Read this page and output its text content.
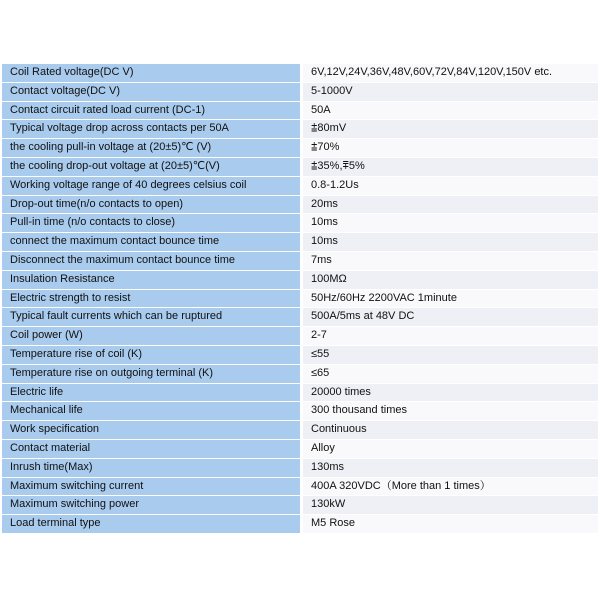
Coil Rated voltage(DC V)	6V,12V,24V,36V,48V,60V,72V,84V,120V,150V etc.
Contact voltage(DC V)	5-1000V
Contact circuit rated load current (DC-1)	50A
Typical voltage drop across contacts per 50A	⩲80mV
the cooling pull-in voltage at (20±5)℃ (V)	⩲70%
the cooling drop-out voltage at (20±5)℃(V)	⩲35%,⩱5%
Working voltage range of 40 degrees celsius coil	0.8-1.2Us
Drop-out time(n/o contacts to open)	20ms
Pull-in time (n/o contacts to close)	10ms
connect the maximum contact bounce time	10ms
Disconnect the maximum contact bounce time	7ms
Insulation Resistance	100MΩ
Electric strength to resist	50Hz/60Hz 2200VAC 1minute
Typical fault currents which can be ruptured	500A/5ms at 48V DC
Coil power (W)	2-7
Temperature rise of coil (K)	≤55
Temperature rise on outgoing terminal (K)	≤65
Electric life	20000 times
Mechanical life	300 thousand times
Work specification	Continuous
Contact material	Alloy
Inrush time(Max)	130ms
Maximum switching current	400A 320VDC（More than 1 times）
Maximum switching power	130kW
Load terminal type	M5 Rose
